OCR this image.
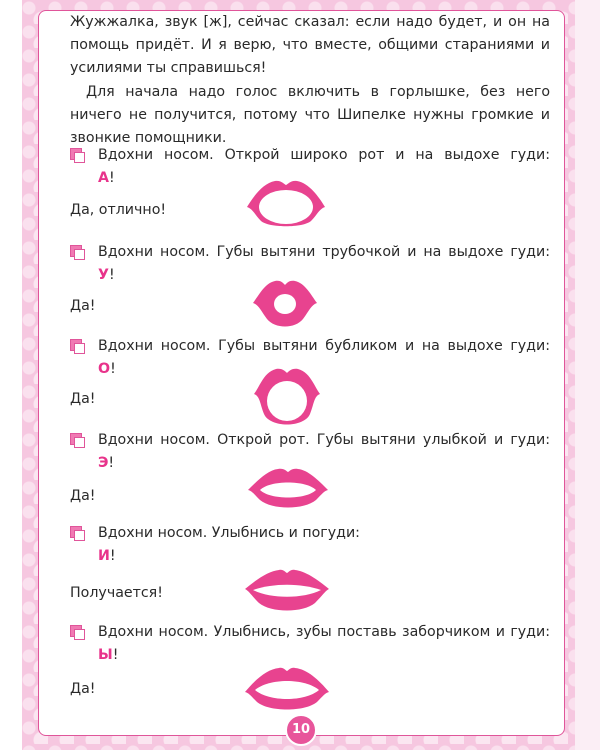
Жужжалка, звук [ж], сейчас сказал: если надо будет, и он на помощь придёт. И я верю, что вместе, общими стараниями и усилиями ты справишься!
Для начала надо голос включить в горлышке, без него ничего не получится, потому что Шипелке нужны громкие и звонкие помощники.
Вдохни носом. Открой широко рот и на выдохе гуди:
А!
Да, отлично!
Вдохни носом. Губы вытяни трубочкой и на выдохе гуди:
У!
Да!
Вдохни носом. Губы вытяни бубликом и на выдохе гуди:
О!
Да!
Вдохни носом. Открой рот. Губы вытяни улыбкой и гуди:
Э!
Да!
Вдохни носом. Улыбнись и погуди:
И!
Получается!
Вдохни носом. Улыбнись, зубы поставь заборчиком и гуди:
Ы!
Да!
10
